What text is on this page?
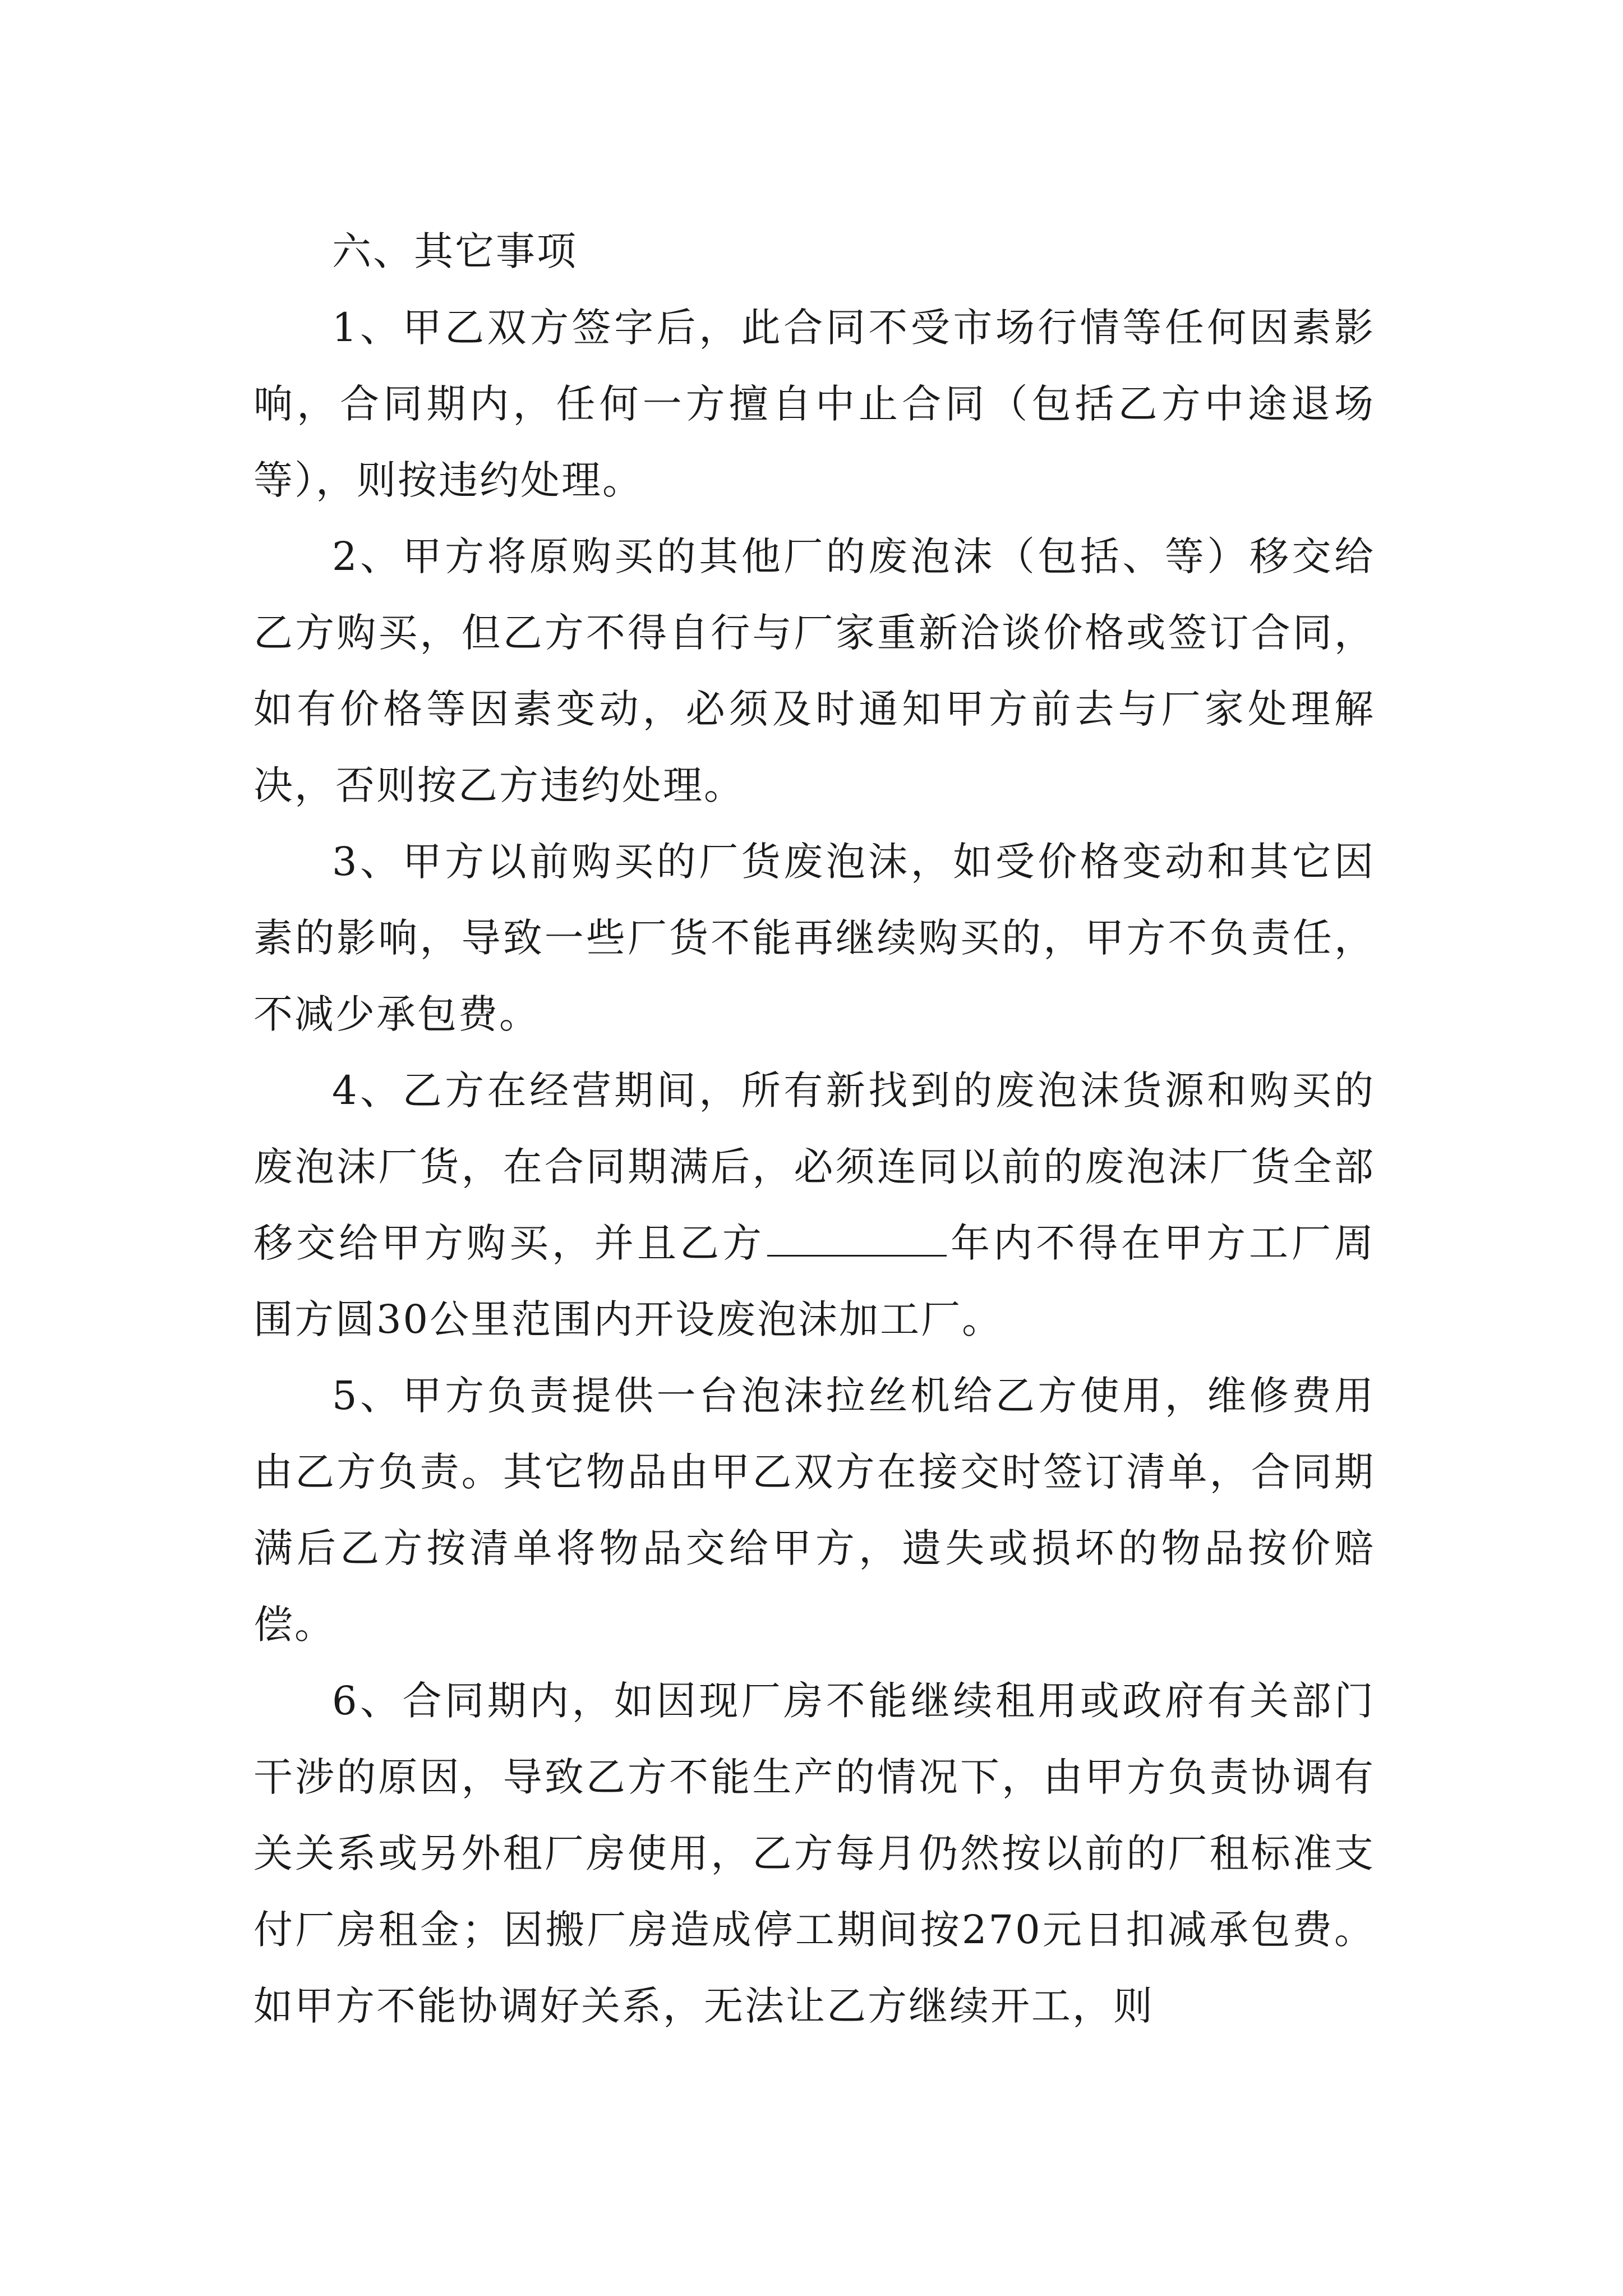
六、其它事项

1、甲乙双方签字后，此合同不受市场行情等任何因素影响，合同期内，任何一方擅自中止合同（包括乙方中途退场等），则按违约处理。

2、甲方将原购买的其他厂的废泡沫（包括、等）移交给乙方购买，但乙方不得自行与厂家重新洽谈价格或签订合同，如有价格等因素变动，必须及时通知甲方前去与厂家处理解决，否则按乙方违约处理。

3、甲方以前购买的厂货废泡沫，如受价格变动和其它因素的影响，导致一些厂货不能再继续购买的，甲方不负责任，不减少承包费。

4、乙方在经营期间，所有新找到的废泡沫货源和购买的废泡沫厂货，在合同期满后，必须连同以前的废泡沫厂货全部移交给甲方购买，并且乙方	年内不得在甲方工厂周围方圆30公里范围内开设废泡沫加工厂。

5、甲方负责提供一台泡沫拉丝机给乙方使用，维修费用由乙方负责。其它物品由甲乙双方在接交时签订清单，合同期满后乙方按清单将物品交给甲方，遗失或损坏的物品按价赔偿。

6、合同期内，如因现厂房不能继续租用或政府有关部门干涉的原因，导致乙方不能生产的情况下，由甲方负责协调有关关系或另外租厂房使用，乙方每月仍然按以前的厂租标准支付厂房租金；因搬厂房造成停工期间按270元日扣减承包费。如甲方不能协调好关系，无法让乙方继续开工，则
